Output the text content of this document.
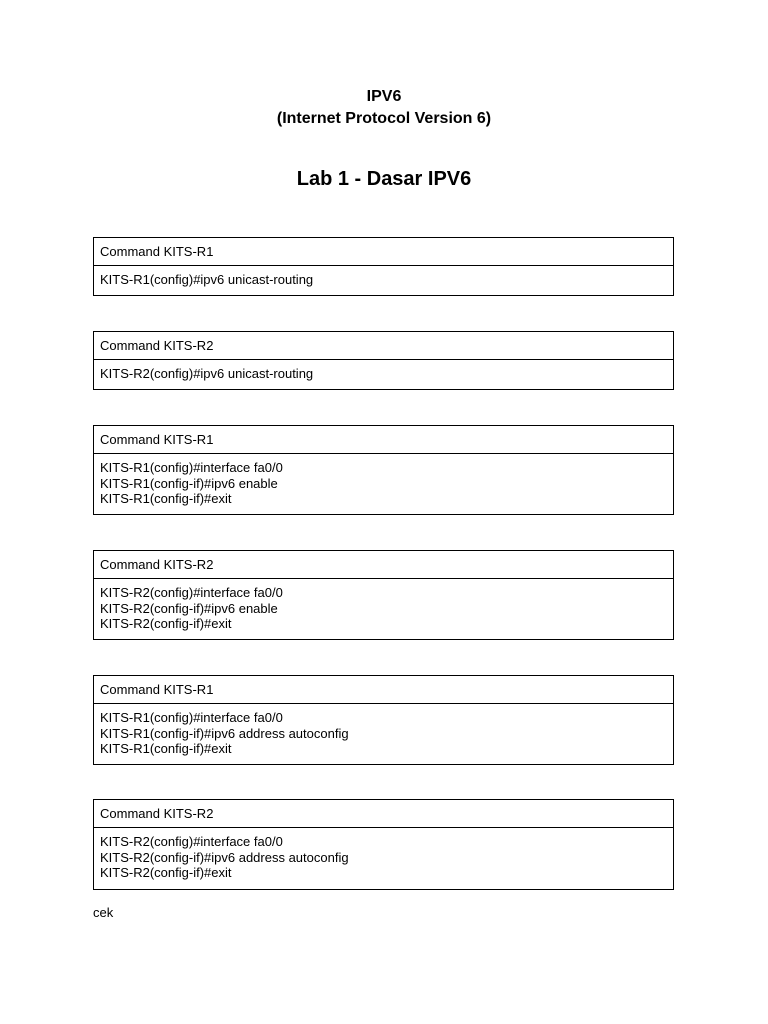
IPV6
(Internet Protocol Version 6)
Lab 1 - Dasar IPV6
Command KITS-R1
KITS-R1(config)#ipv6 unicast-routing
Command KITS-R2
KITS-R2(config)#ipv6 unicast-routing
Command KITS-R1
KITS-R1(config)#interface fa0/0
KITS-R1(config-if)#ipv6 enable
KITS-R1(config-if)#exit
Command KITS-R2
KITS-R2(config)#interface fa0/0
KITS-R2(config-if)#ipv6 enable
KITS-R2(config-if)#exit
Command KITS-R1
KITS-R1(config)#interface fa0/0
KITS-R1(config-if)#ipv6 address autoconfig
KITS-R1(config-if)#exit
Command KITS-R2
KITS-R2(config)#interface fa0/0
KITS-R2(config-if)#ipv6 address autoconfig
KITS-R2(config-if)#exit
cek
